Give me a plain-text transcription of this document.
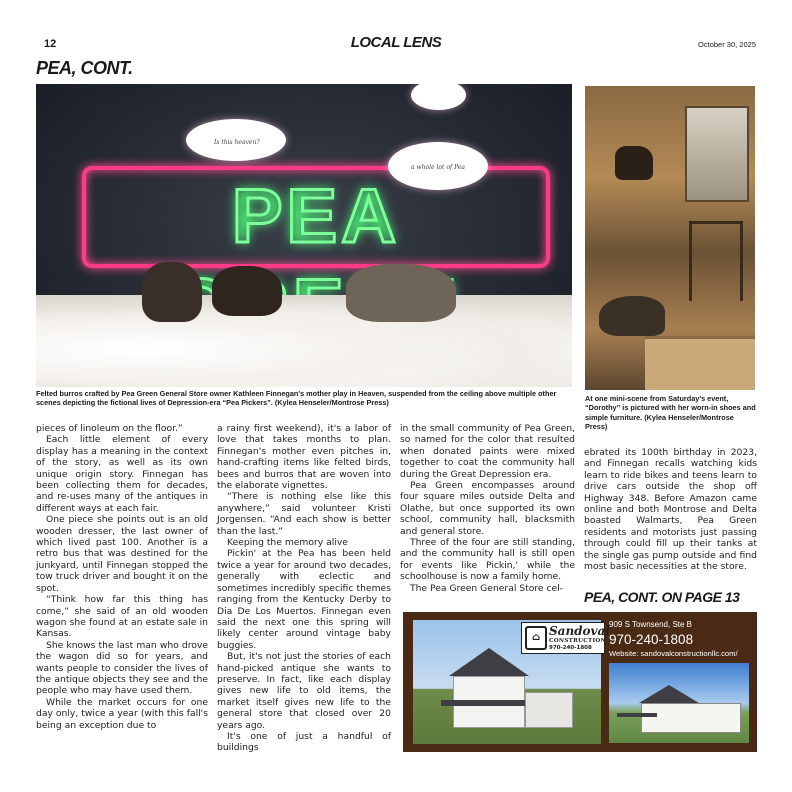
12	LOCAL LENS	October 30, 2025
PEA, CONT.
PEA
Is this heaven?
a whole lot of Pea
Felted burros crafted by Pea Green General Store owner Kathleen Finnegan's mother play in Heaven, suspended from the ceiling above multiple other scenes depicting the fictional lives of Depression-era “Pea Pickers”. (Kylea Henseler/Montrose Press)	At one mini-scene from Saturday's event, “Dorothy” is pictured with her worn-in shoes and simple furniture. (Kylea Henseler/Montrose Press)

pieces of linoleum on the floor.”

Each little element of every display has a meaning in the context of the story, as well as its own unique origin story. Finnegan has been collecting them for decades, and re-uses many of the antiques in different ways at each fair.

One piece she points out is an old wooden dresser, the last owner of which lived past 100. Another is a retro bus that was destined for the junkyard, until Finnegan stopped the tow truck driver and bought it on the spot.

“Think how far this thing has come,” she said of an old wooden wagon she found at an estate sale in Kansas.

She knows the last man who drove the wagon did so for years, and wants people to consider the lives of the antique objects they see and the people who may have used them.

While the market occurs for one day only, twice a year (with this fall's being an exception due to

a rainy first weekend), it's a labor of love that takes months to plan. Finnegan's mother even pitches in, hand-crafting items like felted birds, bees and burros that are woven into the elaborate vignettes.

“There is nothing else like this anywhere,” said volunteer Kristi Jorgensen. “And each show is better than the last.”

Keeping the memory alive

Pickin' at the Pea has been held twice a year for around two decades, generally with eclectic and sometimes incredibly specific themes ranging from the Kentucky Derby to Dia De Los Muertos. Finnegan even said the next one this spring will likely center around vintage baby buggies.

But, it's not just the stories of each hand-picked antique she wants to preserve. In fact, like each display gives new life to old items, the market itself gives new life to the general store that closed over 20 years ago.

It's one of just a handful of buildings

in the small community of Pea Green, so named for the color that resulted when donated paints were mixed together to coat the community hall during the Great Depression era.

Pea Green encompasses around four square miles outside Delta and Olathe, but once supported its own school, community hall, blacksmith and general store.

Three of the four are still standing, and the community hall is still open for events like Pickin,' while the schoolhouse is now a family home.

The Pea Green General Store cel-

ebrated its 100th birthday in 2023, and Finnegan recalls watching kids learn to ride bikes and teens learn to drive cars outside the shop off Highway 348. Before Amazon came online and both Montrose and Delta boasted Walmarts, Pea Green residents and motorists just passing through could fill up their tanks at the single gas pump outside and find most basic necessities at the store.

PEA, CONT. ON PAGE 13
⌂ Sandoval
CONSTRUCTION
970-240-1808
909 S Townsend, Ste B
970-240-1808
Website: sandovalconstructionllc.com/
